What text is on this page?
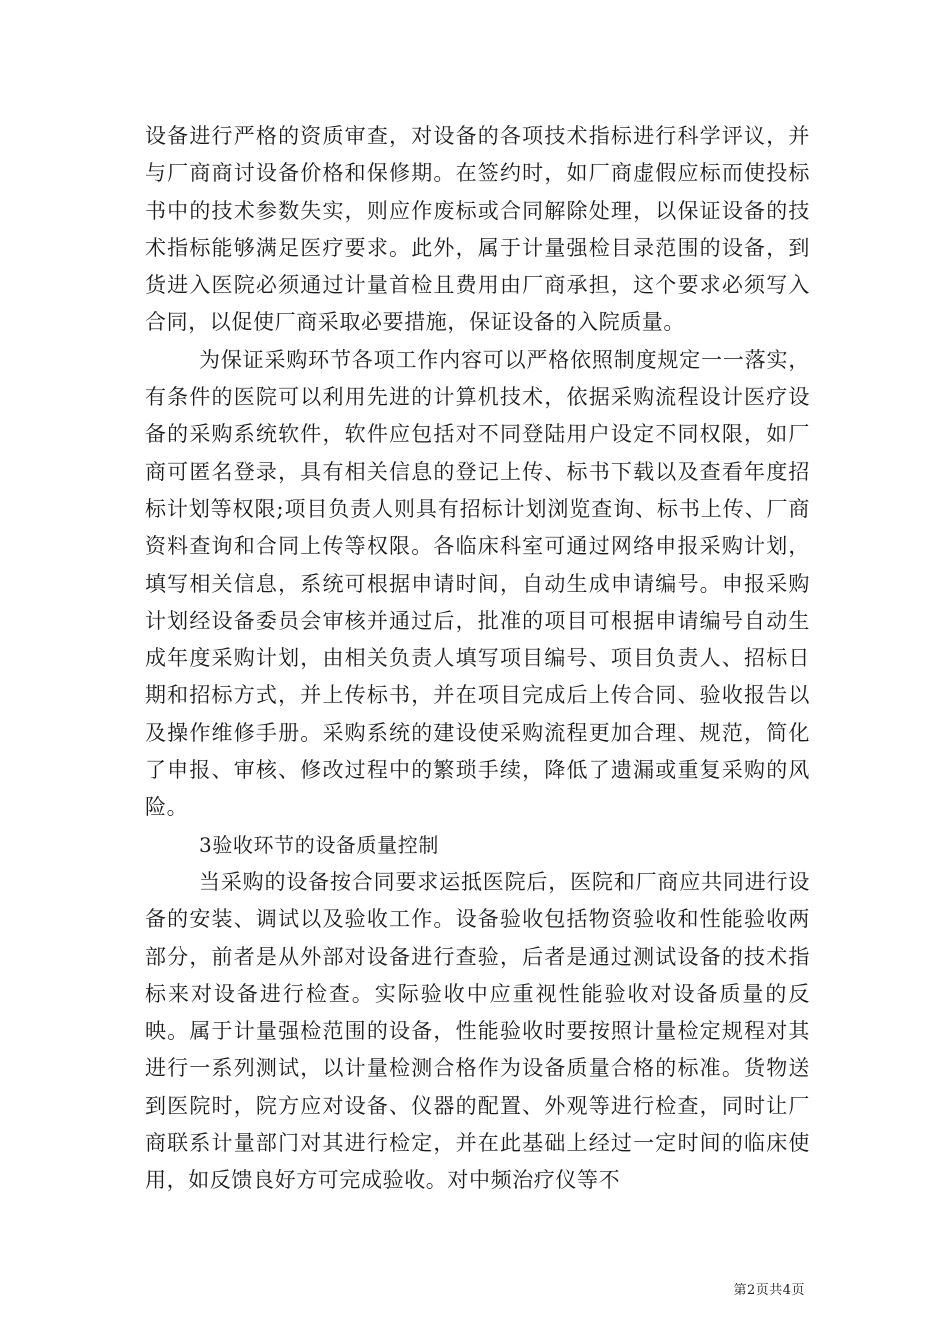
设备进行严格的资质审查，对设备的各项技术指标进行科学评议，并与厂商商讨设备价格和保修期。在签约时，如厂商虚假应标而使投标书中的技术参数失实，则应作废标或合同解除处理，以保证设备的技术指标能够满足医疗要求。此外，属于计量强检目录范围的设备，到货进入医院必须通过计量首检且费用由厂商承担，这个要求必须写入合同，以促使厂商采取必要措施，保证设备的入院质量。

为保证采购环节各项工作内容可以严格依照制度规定一一落实，有条件的医院可以利用先进的计算机技术，依据采购流程设计医疗设备的采购系统软件，软件应包括对不同登陆用户设定不同权限，如厂商可匿名登录，具有相关信息的登记上传、标书下载以及查看年度招标计划等权限;项目负责人则具有招标计划浏览查询、标书上传、厂商资料查询和合同上传等权限。各临床科室可通过网络申报采购计划，填写相关信息，系统可根据申请时间，自动生成申请编号。申报采购计划经设备委员会审核并通过后，批准的项目可根据申请编号自动生成年度采购计划，由相关负责人填写项目编号、项目负责人、招标日期和招标方式，并上传标书，并在项目完成后上传合同、验收报告以及操作维修手册。采购系统的建设使采购流程更加合理、规范，简化了申报、审核、修改过程中的繁琐手续，降低了遗漏或重复采购的风险。

3验收环节的设备质量控制

当采购的设备按合同要求运抵医院后，医院和厂商应共同进行设备的安装、调试以及验收工作。设备验收包括物资验收和性能验收两部分，前者是从外部对设备进行查验，后者是通过测试设备的技术指标来对设备进行检查。实际验收中应重视性能验收对设备质量的反映。属于计量强检范围的设备，性能验收时要按照计量检定规程对其进行一系列测试，以计量检测合格作为设备质量合格的标准。货物送到医院时，院方应对设备、仪器的配置、外观等进行检查，同时让厂商联系计量部门对其进行检定，并在此基础上经过一定时间的临床使用，如反馈良好方可完成验收。对中频治疗仪等不

第2页共4页
